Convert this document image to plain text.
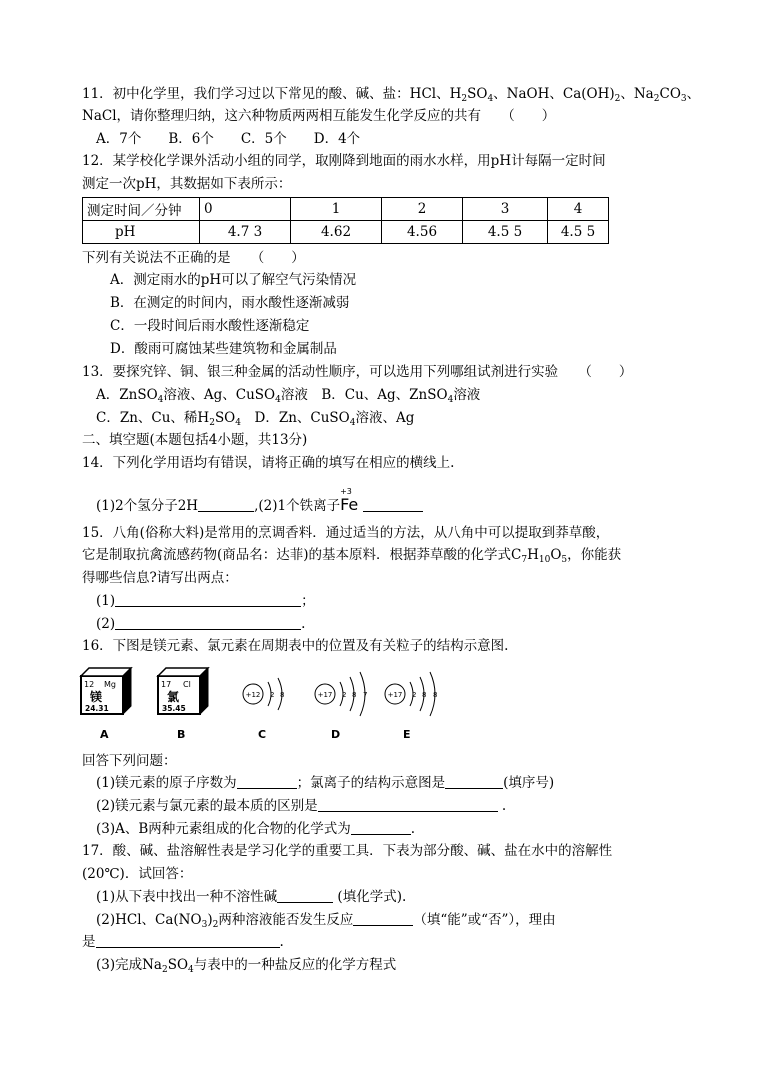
11．初中化学里，我们学习过以下常见的酸、碱、盐：HCl、$H_2SO_4$、NaOH、$Ca(OH)_2$、$Na_2CO_3$、
NaCl，请你整理归纳，这六种物质两两相互能发生化学反应的共有　　（　　）
A．7个　　B．6个　　C．5个　　D．4个
12．某学校化学课外活动小组的同学，取刚降到地面的雨水水样，用pH计每隔一定时间
测定一次pH，其数据如下表所示：
测定时间／分钟	0	1	2	3	4
pH	4.7 3	4.62	4.56	4.5 5	4.5 5
下列有关说法不正确的是　　（　　）
A．测定雨水的pH可以了解空气污染情况
B．在测定的时间内，雨水酸性逐渐减弱
C．一段时间后雨水酸性逐渐稳定
D．酸雨可腐蚀某些建筑物和金属制品
13．要探究锌、铜、银三种金属的活动性顺序，可以选用下列哪组试剂进行实验　　（　　）
A．ZnSO$_4$溶液、Ag、CuSO$_4$溶液　B．Cu、Ag、ZnSO$_4$溶液
C．Zn、Cu、稀$H_2SO_4$　D．Zn、CuSO$_4$溶液、Ag
二、填空题(本题包括4小题，共13分)
14．下列化学用语均有错误，请将正确的填写在相应的横线上.
(1)2个氢分子2H	,(2)1个铁离子
+3
Fe
15．八角(俗称大料)是常用的烹调香料．通过适当的方法，从八角中可以提取到莽草酸，
它是制取抗禽流感药物(商品名：达菲)的基本原料．根据莽草酸的化学式$C_7H_{10}O_5$，你能获
得哪些信息?请写出两点：
(1)	；
(2)	.
16．下图是镁元素、氯元素在周期表中的位置及有关粒子的结构示意图.
12 Mg
镁
24.31
A
17 Cl
氯
35.45
B
+12 2 8
C
+17 2 8 7
D
+17 2 8 8
E
回答下列问题：
(1)镁元素的原子序数为	；氯离子的结构示意图是	(填序号)
(2)镁元素与氯元素的最本质的区别是	.
(3)A、B两种元素组成的化合物的化学式为	.
17．酸、碱、盐溶解性表是学习化学的重要工具．下表为部分酸、碱、盐在水中的溶解性
(20℃)．试回答：
(1)从下表中找出一种不溶性碱	(填化学式).
(2)HCl、$Ca(NO_3)_2$两种溶液能否发生反应	（填“能”或“否”），理由
是	.
(3)完成$Na_2SO_4$与表中的一种盐反应的化学方程式
